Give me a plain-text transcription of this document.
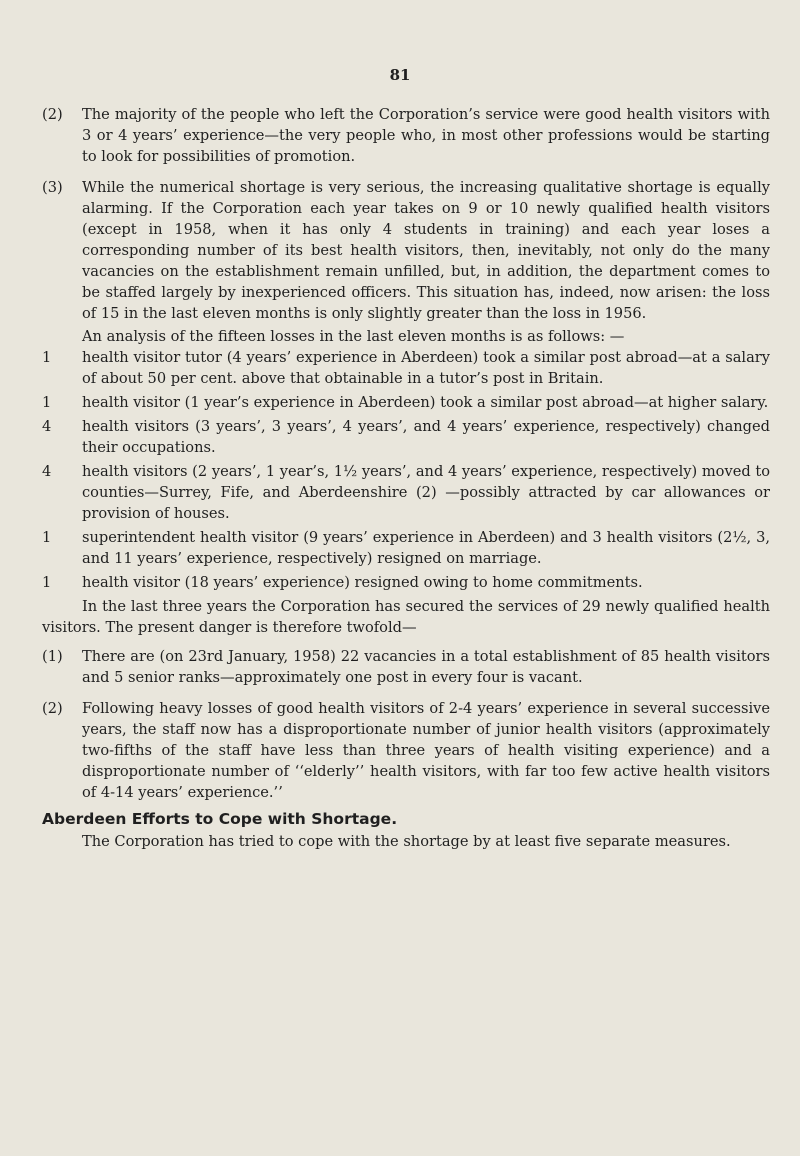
81
(2) The majority of the people who left the Corporation’s service were good health visitors with 3 or 4 years’ experience—the very people who, in most other professions would be starting to look for possibilities of promotion.

(3) While the numerical shortage is very serious, the increasing qualitative shortage is equally alarming. If the Corporation each year takes on 9 or 10 newly qualified health visitors (except in 1958, when it has only 4 students in training) and each year loses a corresponding number of its best health visitors, then, inevitably, not only do the many vacancies on the establishment remain unfilled, but, in addition, the department comes to be staffed largely by inexperienced officers. This situation has, indeed, now arisen: the loss of 15 in the last eleven months is only slightly greater than the loss in 1956.

An analysis of the fifteen losses in the last eleven months is as follows: —
1	health visitor tutor (4 years’ experience in Aberdeen) took a similar post abroad—at a salary of about 50 per cent. above that obtainable in a tutor’s post in Britain.

1	health visitor (1 year’s experience in Aberdeen) took a similar post abroad—at higher salary.

4	health visitors (3 years’, 3 years’, 4 years’, and 4 years’ experience, respectively) changed their occupations.

4	health visitors (2 years’, 1 year’s, 1½ years’, and 4 years’ experience, respectively) moved to counties—Surrey, Fife, and Aberdeenshire (2) —possibly attracted by car allowances or provision of houses.

1	superintendent health visitor (9 years’ experience in Aberdeen) and 3 health visitors (2½, 3, and 11 years’ experience, respectively) resigned on marriage.

1	health visitor (18 years’ experience) resigned owing to home commitments.

In the last three years the Corporation has secured the services of 29 newly qualified health visitors. The present danger is therefore twofold—

(1) There are (on 23rd January, 1958) 22 vacancies in a total establishment of 85 health visitors and 5 senior ranks—approximately one post in every four is vacant.

(2) Following heavy losses of good health visitors of 2-4 years’ experience in several successive years, the staff now has a disproportionate number of junior health visitors (approximately two-fifths of the staff have less than three years of health visiting experience) and a disproportionate number of ‘‘elderly’’ health visitors, with far too few active health visitors of 4-14 years’ experience.’’

Aberdeen Efforts to Cope with Shortage.

The Corporation has tried to cope with the shortage by at least five separate measures.
